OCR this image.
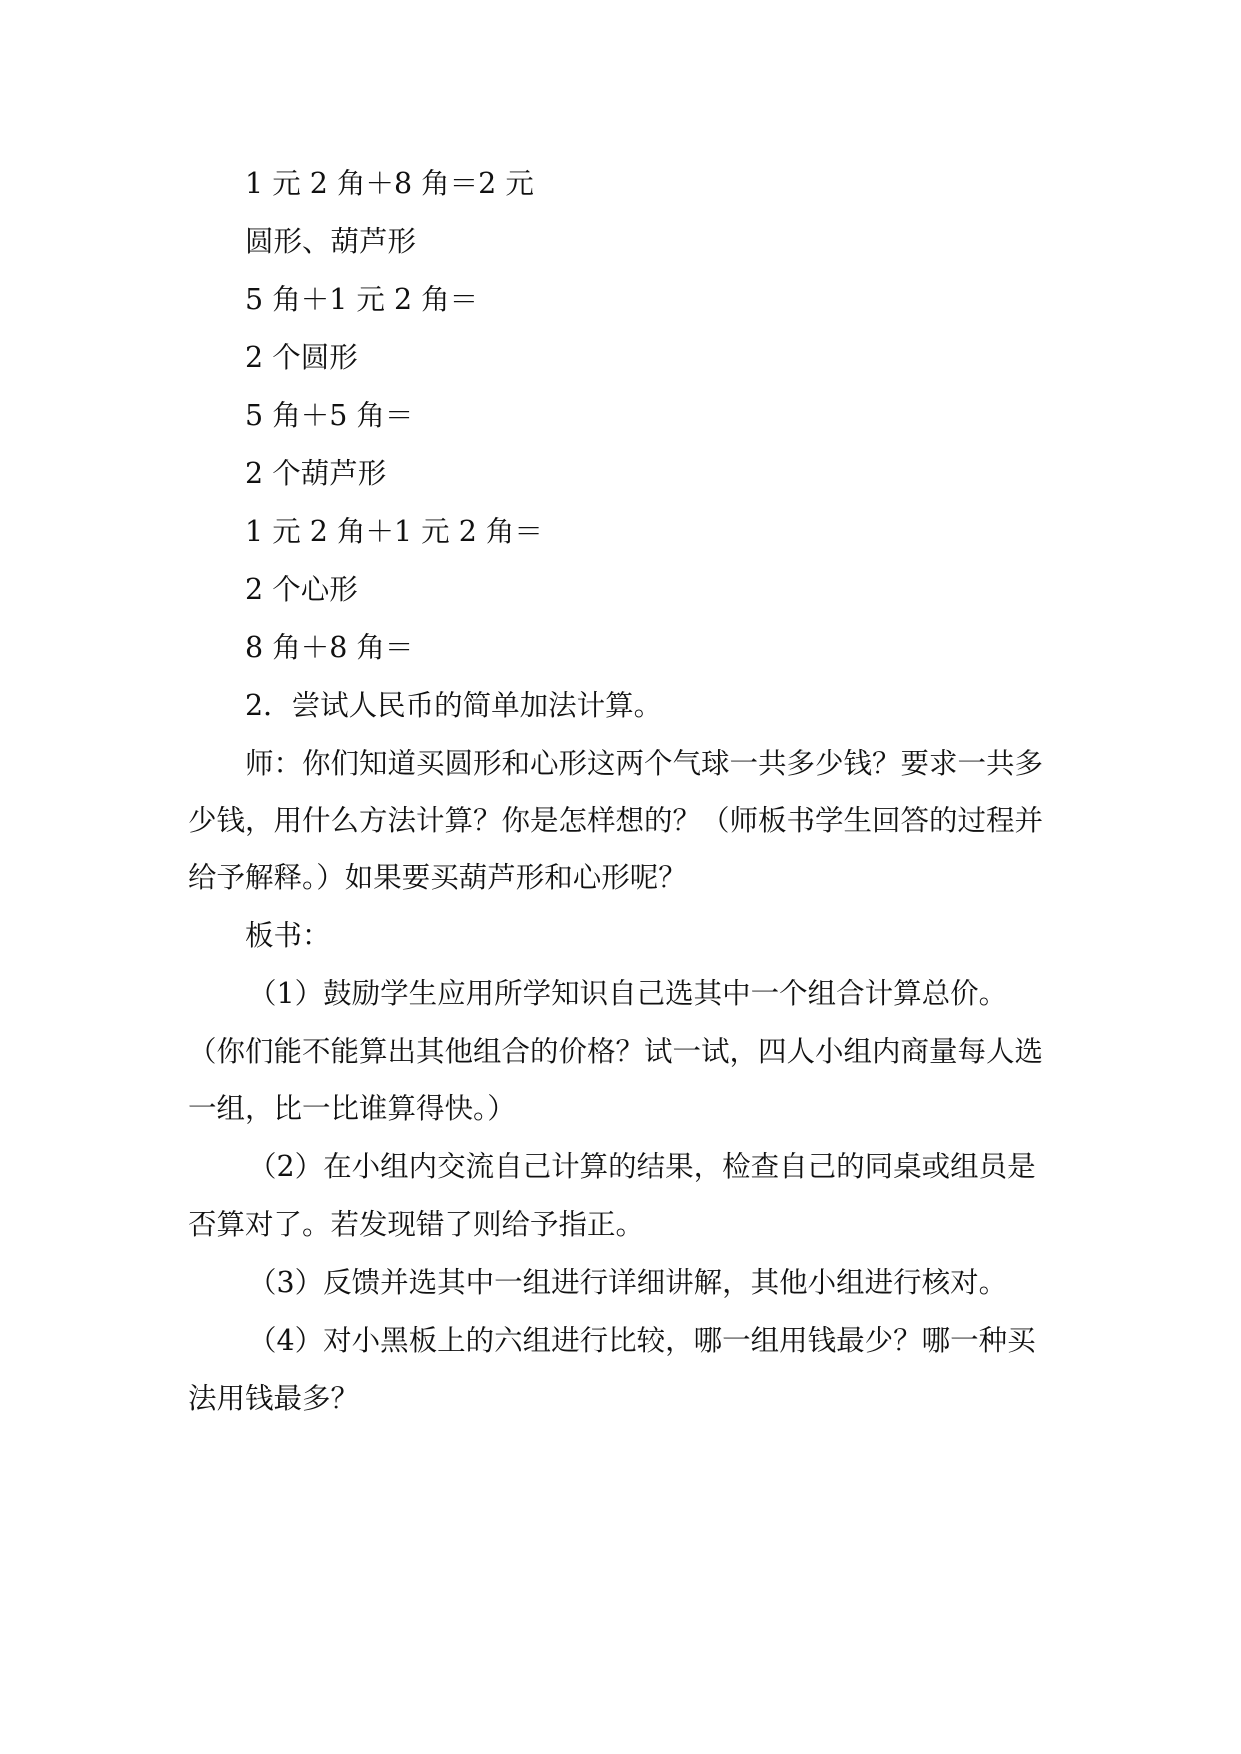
1 元 2 角＋8 角＝2 元
圆形、葫芦形
5 角＋1 元 2 角＝
2 个圆形
5 角＋5 角＝
2 个葫芦形
1 元 2 角＋1 元 2 角＝
2 个心形
8 角＋8 角＝
2．尝试人民币的简单加法计算。
师：你们知道买圆形和心形这两个气球一共多少钱？要求一共多
少钱，用什么方法计算？你是怎样想的？（师板书学生回答的过程并
给予解释。）如果要买葫芦形和心形呢？
板书：
（1）鼓励学生应用所学知识自己选其中一个组合计算总价。
（你们能不能算出其他组合的价格？试一试，四人小组内商量每人选
一组，比一比谁算得快。）
（2）在小组内交流自己计算的结果，检查自己的同桌或组员是
否算对了。若发现错了则给予指正。
（3）反馈并选其中一组进行详细讲解，其他小组进行核对。
（4）对小黑板上的六组进行比较，哪一组用钱最少？哪一种买
法用钱最多？
